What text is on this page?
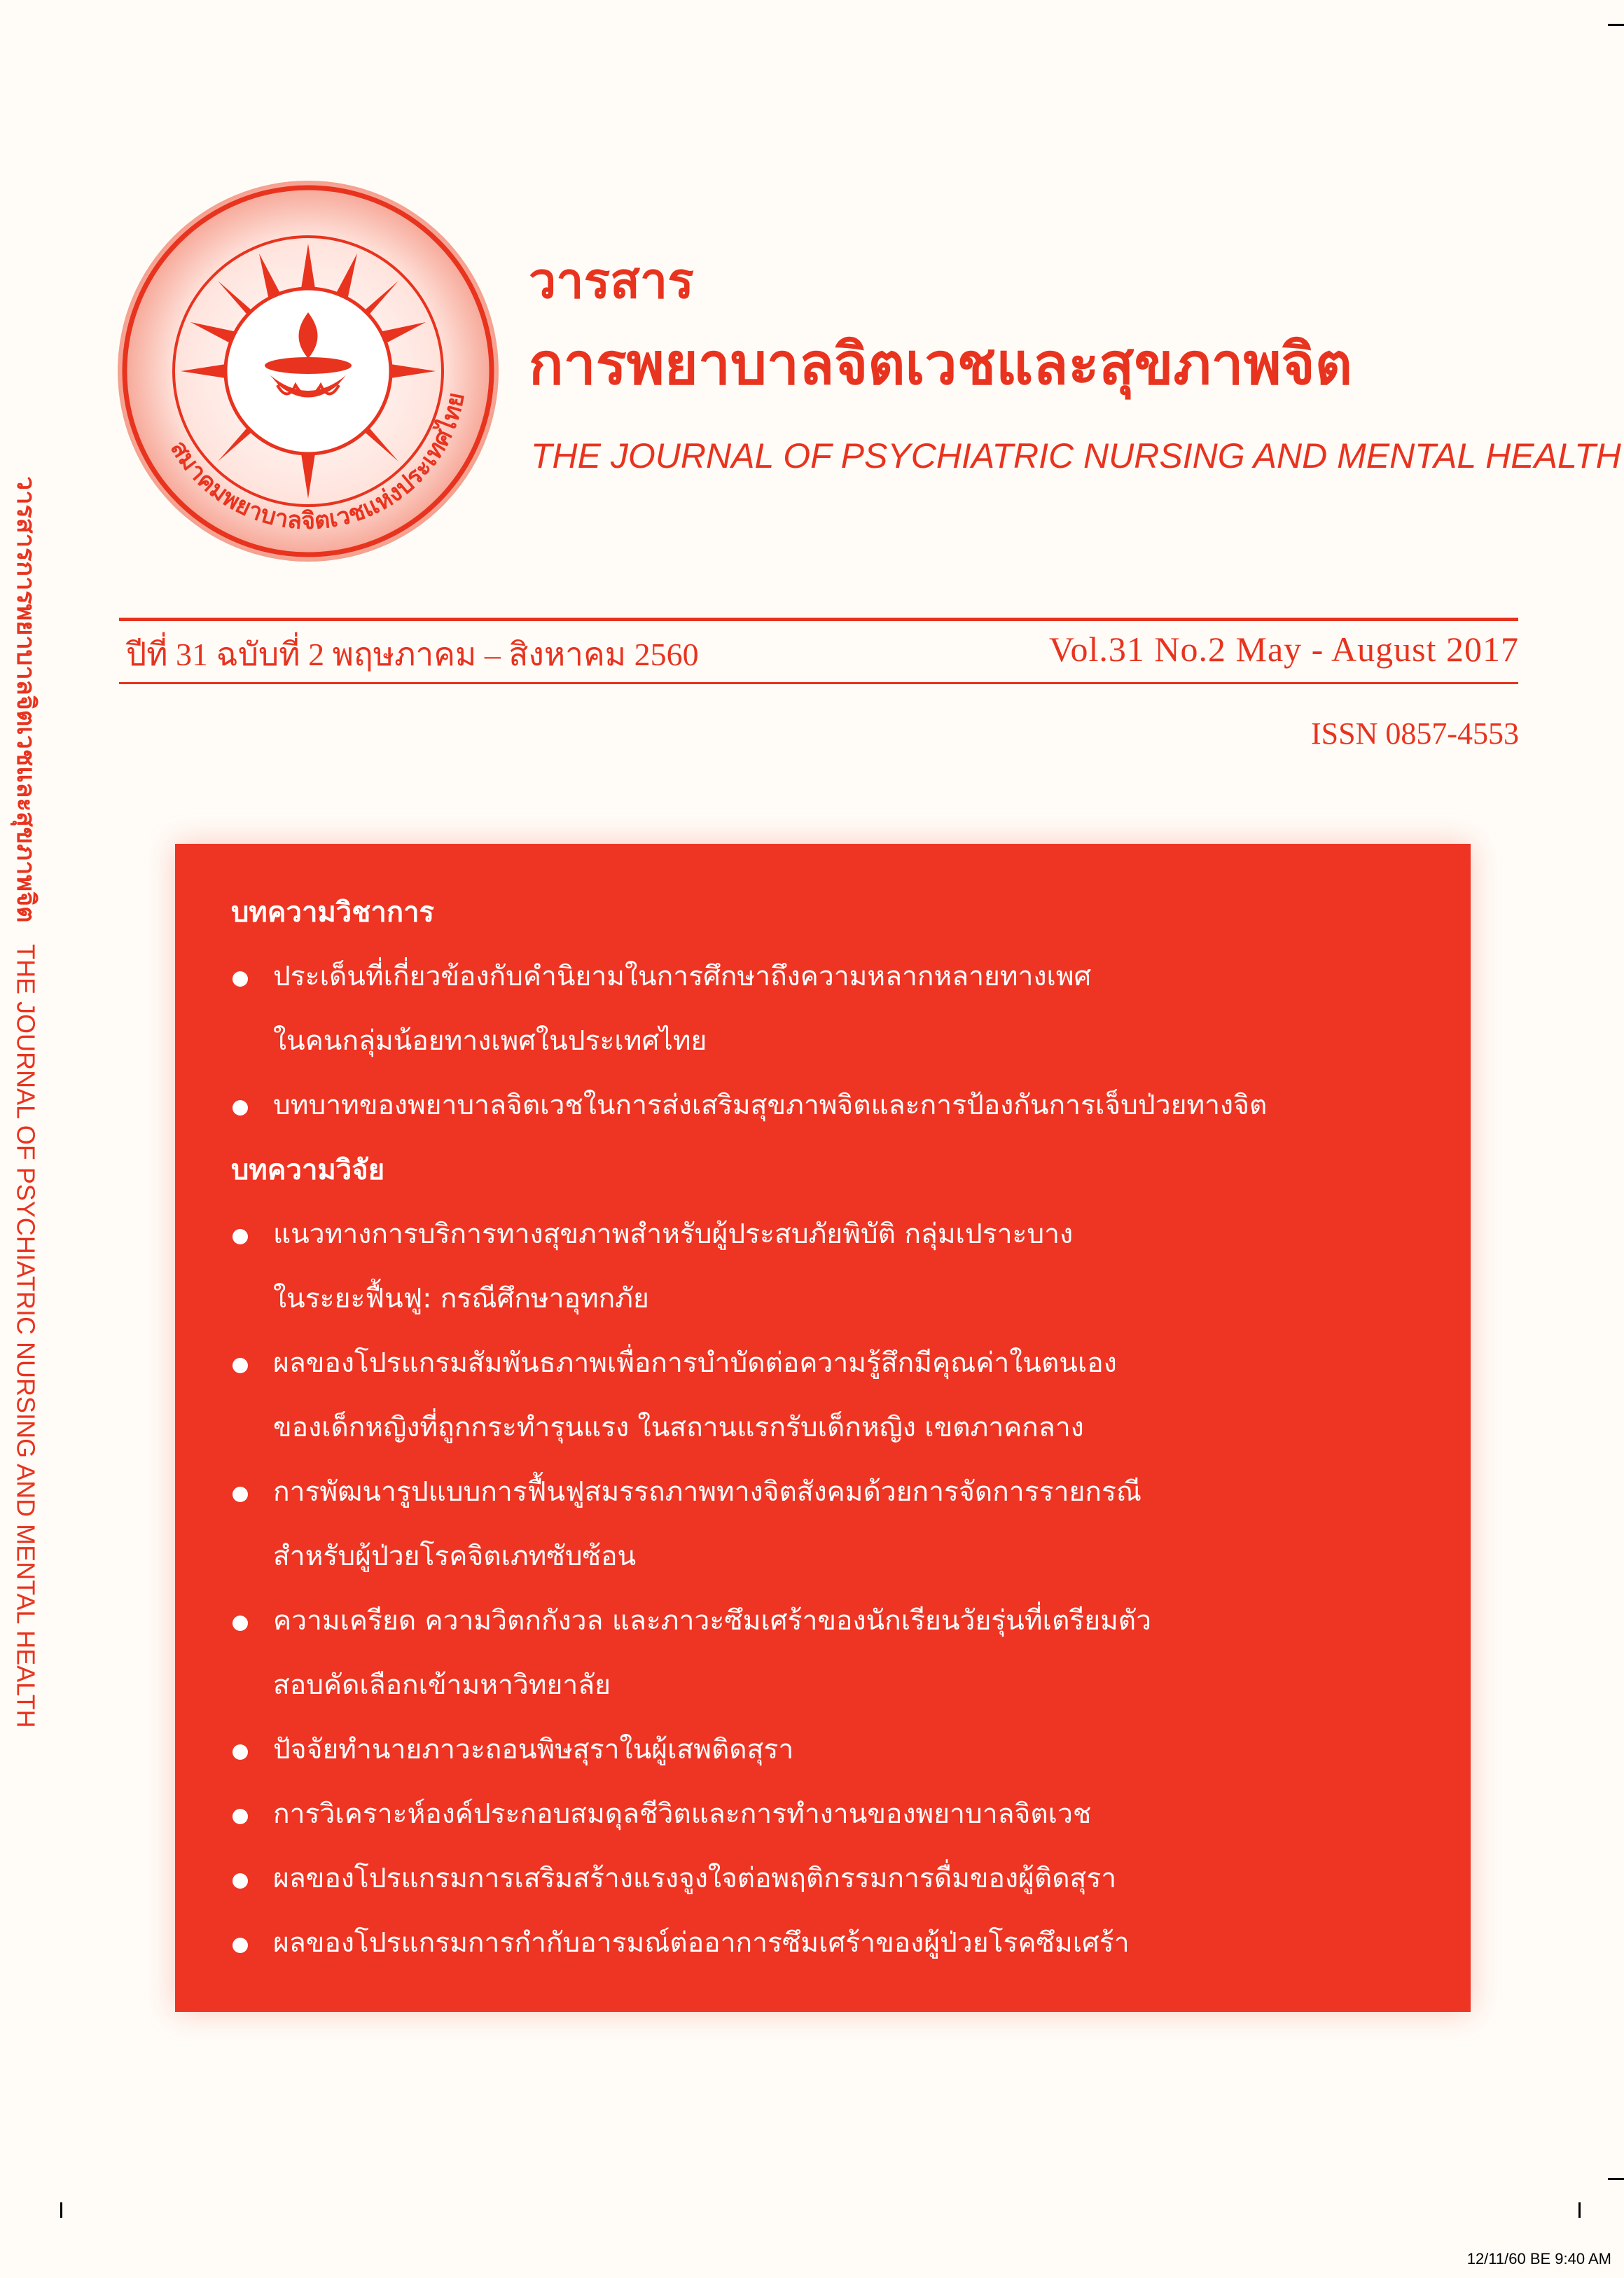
วารสารการพยาบาลจิตเวชและสุขภาพจิต
THE JOURNAL OF PSYCHIATRIC NURSING AND MENTAL HEALTH
สมาคมพยาบาลจิตเวชแห่งประเทศไทย
วารสาร
การพยาบาลจิตเวชและสุขภาพจิต
THE JOURNAL OF PSYCHIATRIC NURSING AND MENTAL HEALTH
ปีที่ 31 ฉบับที่ 2 พฤษภาคม – สิงหาคม 2560	Vol.31 No.2 May - August 2017
ISSN 0857-4553
บทความวิชาการ
ประเด็นที่เกี่ยวข้องกับคำนิยามในการศึกษาถึงความหลากหลายทางเพศ
ในคนกลุ่มน้อยทางเพศในประเทศไทย
บทบาทของพยาบาลจิตเวชในการส่งเสริมสุขภาพจิตและการป้องกันการเจ็บป่วยทางจิต
บทความวิจัย
แนวทางการบริการทางสุขภาพสำหรับผู้ประสบภัยพิบัติ กลุ่มเปราะบาง
ในระยะฟื้นฟู: กรณีศึกษาอุทกภัย
ผลของโปรแกรมสัมพันธภาพเพื่อการบำบัดต่อความรู้สึกมีคุณค่าในตนเอง
ของเด็กหญิงที่ถูกกระทำรุนแรง ในสถานแรกรับเด็กหญิง เขตภาคกลาง
การพัฒนารูปแบบการฟื้นฟูสมรรถภาพทางจิตสังคมด้วยการจัดการรายกรณี
สำหรับผู้ป่วยโรคจิตเภทซับซ้อน
ความเครียด ความวิตกกังวล และภาวะซึมเศร้าของนักเรียนวัยรุ่นที่เตรียมตัว
สอบคัดเลือกเข้ามหาวิทยาลัย
ปัจจัยทำนายภาวะถอนพิษสุราในผู้เสพติดสุรา
การวิเคราะห์องค์ประกอบสมดุลชีวิตและการทำงานของพยาบาลจิตเวช
ผลของโปรแกรมการเสริมสร้างแรงจูงใจต่อพฤติกรรมการดื่มของผู้ติดสุรา
ผลของโปรแกรมการกำกับอารมณ์ต่ออาการซึมเศร้าของผู้ป่วยโรคซึมเศร้า
12/11/60 BE 9:40 AM
